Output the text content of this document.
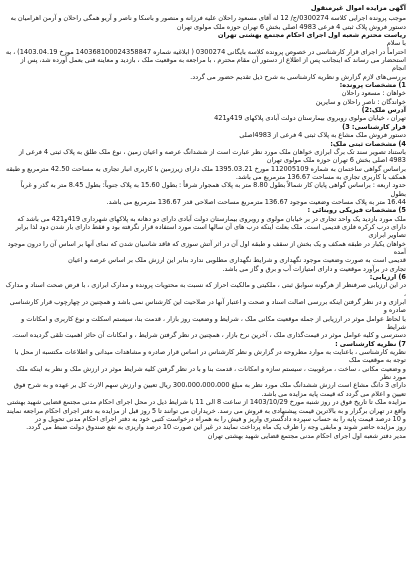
آگهی مزایده اموال غیرمنقول

موجب پرونده اجرایی کلاسه 0300274/ج/ 12 له آقای مسعود راحلان علیه فرزانه و منصور و باسکا و ناصر و آریو همگی راحلان و آرمن اهرامیان به

دستور فروش پلاک ثبتی 4 فرعی 4983 اصلی بخش 6 تهران حوزه ملک مولوی تهران

ریاست محترم شعبه اول اجرای احکام مجتمع بهشتی تهران

با سلام

احتراماً در اجرای قرار کارشناسی در خصوص پرونده کلاسه بایگانی 0300274 ( ابلاغیه شماره 140368100024358847 مورخ 1403.04.19) ، به

استحضار می رساند که اینجانب پس از اطلاع از دستور آن مقام محترم ، با مراجعه به موقعیت ملک ، بازدید و معاینه فنی بعمل آورده شد، پس از انجام

بررسی‌های لازم گزارش و نظریه کارشناسی به شرح ذیل تقدیم حضور می گردد.

1) مشخصات پرونده:

خواهان : مسعود راحلان

خواندگان : ناصر راحلان و سایرین

آدرس ملک:2)

تهران ، خیابان مولوی روبروی بیمارستان دولت آبادی پلاکهای 419و421

قرار کارشناسی: 3)

دستور فروش ملک مشاع به پلاک ثبتی 4 فرعی از 4983اصلی

4) مشخصات ثبتی ملک:

باستناد تصویر سند تک برگ ابرازی خواهان ملک مورد نظر عبارت است از ششدانگ عرصه و اعیان زمین ، نوع ملک طلق به پلاک ثبتی 4 فرعی از

4983 اصلی بخش 6 تهران حوزه ملک مولوی تهران

براساس گواهی ساختمان به شماره 112005109 مورخ 1395.03.21 ملک دارای زیرزمین با کاربری انبار تجاری به مساحت 42.50 مترمربع و طبقه

همکف با کاربری تجاری به مساحت 136.67 مترمربع می باشد.

حدود اربعه : براساس گواهی پایان کار شمالاً بطول 8.80 متر به پلاک همجوار شرقاً : بطول 15.60 به پلاک جنوباً: بطول 8.45 متر به گذر و غرباً بطول

16.44 متر به پلاک مساحت وضعیت موجود 136.67 مترمربع مساحت اصلاحی قدر 136.67 مترمربع می باشد.

5) مشخصات فیزیکی روبنائی :

ملک مورد بازدید یک واحد تجاری در بر خیابان مولوی و روبروی بیمارستان دولت آبادی دارای دو دهانه به پلاکهای شهرداری 419و421 می باشد که

دارای درب کرکره فلزی قدیمی است. ملک بعلت اینکه درب های آن سالها است مورد استفاده قرار نگرفته بود و فقط دارای بار شدن دود لذا برابر تصاویر ابرازی

خواهان یکبار در طبقه همکف و یک بخش از سقف و طبقه اول آن در اثر آتش سوزی که فاقد شاسیان شدن که نمای آنها بر اساس آن را درون موجود آمده

قدیمی است به صورت وضعیت موجود نگهداری و شرایط نگهداری مطلوبی ندارد بنابر این ارزش ملک بر اساس عرصه و اعیان

تجاری در برآورد موقعیت و دارای امتیازات آب و برق و گاز می باشد.

6) ارزیابی:

در این ارزیابی صرفنظر از هرگونه سوابق ثبتی ، ملکیتی و مالکیت احراز که نسبت به محتویات پرونده و مدارک ابرازی ، با فرض صحت اسناد و مدارک ،

ابرازی و در نظر گرفتن اینکه بررسی اصالت اسناد و صحت و اعتبار آنها در صلاحیت این کارشناس نمی باشد و همچنین در چهارچوب قرار کارشناسی صادره و

با لحاظ عوامل موثر در ارزیابی از جمله موقعیت مکانی ملک ، شرایط و وضعیت روز بازار ، قدمت بنا، سیستم اسکلت و نوع کاربری و امکانات و شرایط

دسترسی و کلیه عوامل موثر در قیمت‌گذاری ملک ، آخرین نرخ بازار ، همچنین در نظر گرفتن شرایط ، و امکانات آن حائز اهمیت تلقی گردیده است.

7) نظریه کارشناسی :

نظریه کارشناسی ، باعنایت به موارد مطروحه در گزارش و نظر کارشناس در اساس قرار صادره و مشاهدات میدانی و اطلاعات مکتسبه از محل با توجه به موقعیت ملک

و وضعیت مکانی ، ساخت ، مرغوبیت ، سیستم سازه و امکانات ، قدمت بنا و با در نظر گرفتن کلیه شرایط موثر در ارزش ملک و نظر به اینکه ملک مورد نظر

دارای 3 دانگ مشاع است ارزش ششدانگ ملک مورد نظر به مبلغ 300،000،000،000 ریال تعیین و ارزش سهم الارث کل بر عهده و به شرح فوق

تعیین و اعلام می گردد که قیمت پایه مزایده می باشد.

مزایده ملک تا تاریخ فوق در روز شنبه مورخ 1403/10/29 از ساعت 8 الی 11 با شرایط ذیل در محل اجرای احکام مدنی مجتمع قضایی شهید بهشتی

واقع در تهران برگزار و به بالاترین قیمت پیشنهادی به فروش می رسد. خریداران می توانند تا 5 روز قبل از مزایده به دفتر اجرای احکام مراجعه نمایند

و 10 درصد قیمت پایه را به حساب سپرده دادگستری واریز و فیش را به همراه درخواست کتبی خود به دفتر اجرای احکام مدنی تحویل و در

روز مزایده حاضر شوند و مابقی وجه را ظرف یک ماه پرداخت نمایند در غیر این صورت 10 درصد واریزی به نفع صندوق دولت ضبط می گردد.

مدیر دفتر شعبه اول اجرای احکام مدنی مجتمع قضایی شهید بهشتی تهران
